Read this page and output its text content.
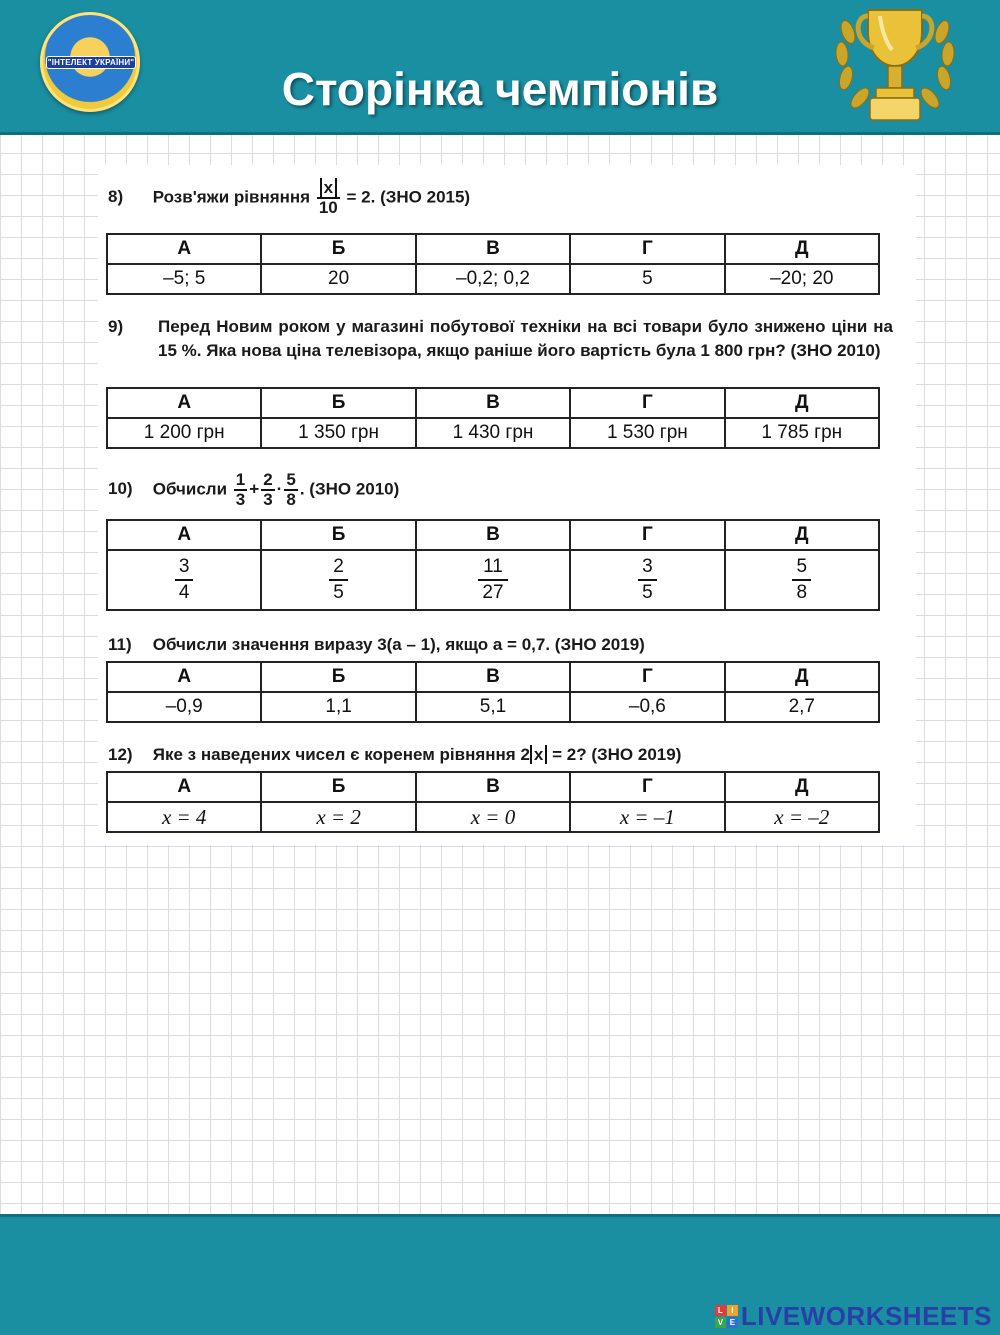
"ІНТЕЛЕКТ УКРАЇНИ"
Сторінка чемпіонів
8) Розв'яжи рівняння $\frac{x}{10} = 2$. (ЗНО 2015)
А	Б	В	Г	Д
–5; 5	20	–0,2; 0,2	5	–20; 20
9) Перед Новим роком у магазині побутової техніки на всі товари було знижено ціни на 15 %. Яка нова ціна телевізора, якщо раніше його вартість була 1 800 грн? (ЗНО 2010)
А	Б	В	Г	Д
1 200 грн	1 350 грн	1 430 грн	1 530 грн	1 785 грн
10) Обчисли $\frac{1}{3} + \frac{2}{3} \cdot \frac{5}{8}$ . (ЗНО 2010)
А	Б	В	Г	Д

$\frac{3}{4}$	$\frac{2}{5}$	$\frac{11}{27}$	$\frac{3}{5}$	$\frac{5}{8}$
11) Обчисли значення виразу 3(a – 1), якщо a = 0,7. (ЗНО 2019)
А	Б	В	Г	Д
–0,9	1,1	5,1	–0,6	2,7
12) Яке з наведених чисел є коренем рівняння 2 x = 2? (ЗНО 2019)
А	Б	В	Г	Д
x = 4	x = 2	x = 0	x = –1	x = –2
L	I
V E LIVEWORKSHEETS
